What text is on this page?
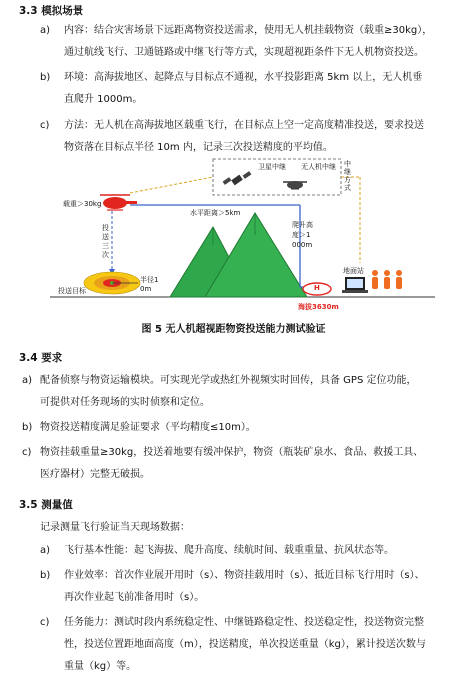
3.3 模拟场景
a) 内容：结合灾害场景下远距离物资投送需求，使用无人机挂载物资（载重≥30kg），
通过航线飞行、卫通链路或中继飞行等方式，实现超视距条件下无人机物资投送。
b) 环境：高海拔地区、起降点与目标点不通视，水平投影距离 5km 以上，无人机垂
直爬升 1000m。
c) 方法：无人机在高海拔地区载重飞行，在目标点上空一定高度精准投送，要求投送
物资落在目标点半径 10m 内，记录三次投送精度的平均值。
载重＞30kg
卫星中继 无人机中继 中继方式
水平距离＞5km
投送三次
爬升高度＞1000m
半径10m
投送目标
海拔3630m
地面站
H
图 5 无人机超视距物资投送能力测试验证
3.4 要求
a) 配备侦察与物资运输模块。可实现光学或热红外视频实时回传，具备 GPS 定位功能，
可提供对任务现场的实时侦察和定位。
b) 物资投送精度满足验证要求（平均精度≤10m）。
c) 物资挂载重量≥30kg，投送着地要有缓冲保护，物资（瓶装矿泉水、食品、救援工具、
医疗器材）完整无破损。
3.5 测量值
记录测量飞行验证当天现场数据：
a) 飞行基本性能：起飞海拔、爬升高度、续航时间、载重重量、抗风状态等。
b) 作业效率：首次作业展开用时（s）、物资挂载用时（s）、抵近目标飞行用时（s）、
再次作业起飞前准备用时（s）。
c) 任务能力：测试时段内系统稳定性、中继链路稳定性、投送稳定性，投送物资完整
性，投送位置距地面高度（m），投送精度，单次投送重量（kg），累计投送次数与
重量（kg）等。
